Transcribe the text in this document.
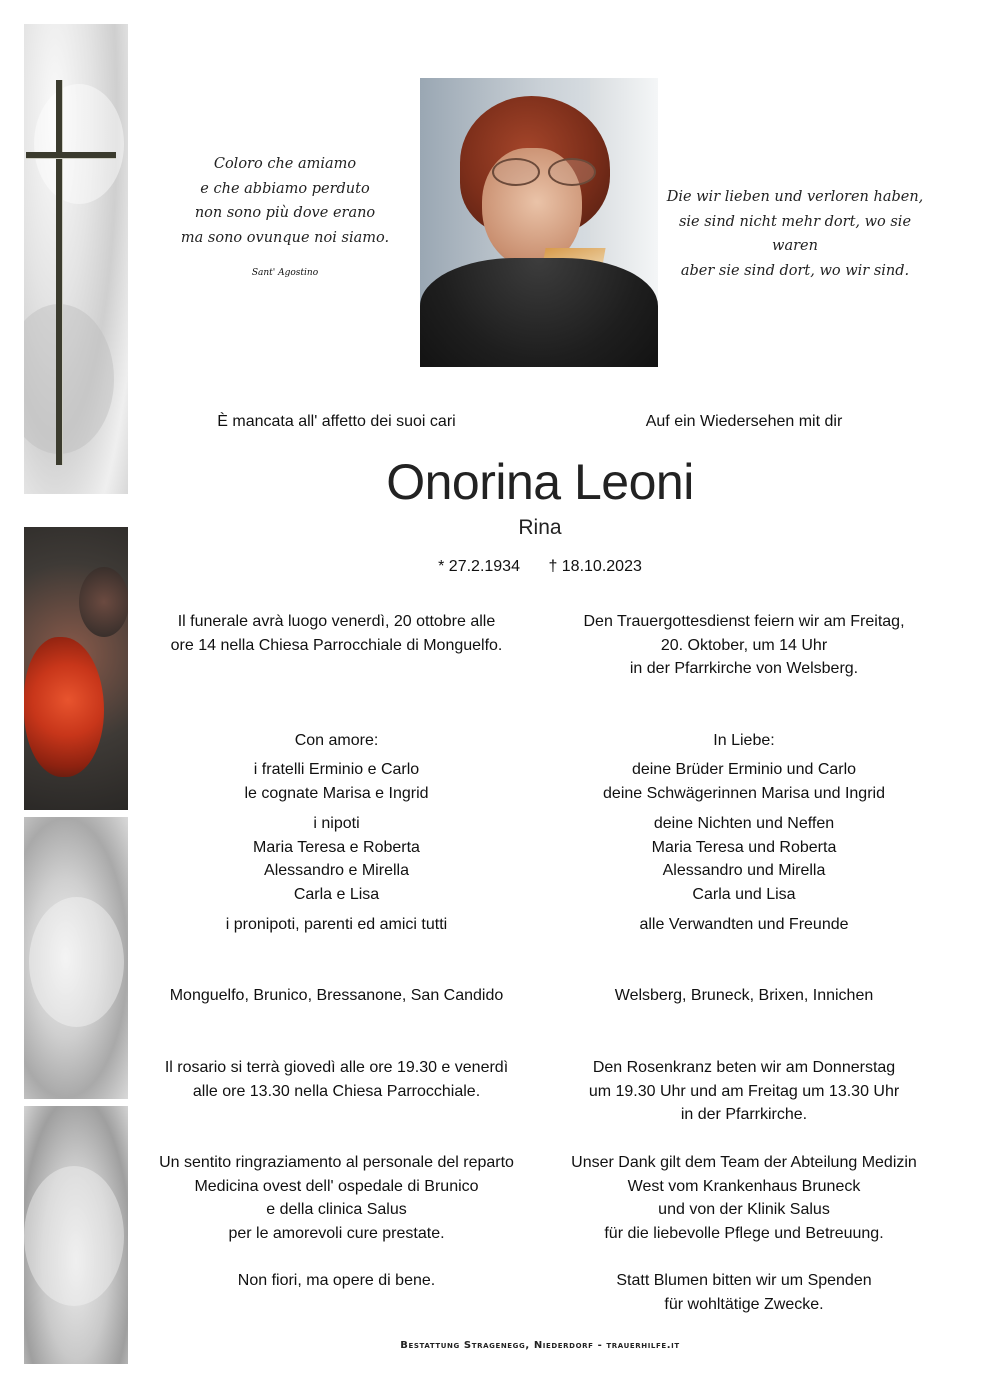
Coloro che amiamo
e che abbiamo perduto
non sono più dove erano
ma sono ovunque noi siamo.
Sant' Agostino
Die wir lieben und verloren haben,
sie sind nicht mehr dort, wo sie waren
aber sie sind dort, wo wir sind.
È mancata all' affetto dei suoi cari	Auf ein Wiedersehen mit dir
Onorina Leoni
Rina
* 27.2.1934 † 18.10.2023
Il funerale avrà luogo venerdì, 20 ottobre alle
ore 14 nella Chiesa Parrocchiale di Monguelfo.
Den Trauergottesdienst feiern wir am Freitag,
20. Oktober, um 14 Uhr
in der Pfarrkirche von Welsberg.
Con amore:	In Liebe:
i fratelli Erminio e Carlo
le cognate Marisa e Ingrid
deine Brüder Erminio und Carlo
deine Schwägerinnen Marisa und Ingrid
i nipoti
Maria Teresa e Roberta
Alessandro e Mirella
Carla e Lisa
deine Nichten und Neffen
Maria Teresa und Roberta
Alessandro und Mirella
Carla und Lisa
i pronipoti, parenti ed amici tutti	alle Verwandten und Freunde
Monguelfo, Brunico, Bressanone, San Candido	Welsberg, Bruneck, Brixen, Innichen
Il rosario si terrà giovedì alle ore 19.30 e venerdì
alle ore 13.30 nella Chiesa Parrocchiale.
Den Rosenkranz beten wir am Donnerstag
um 19.30 Uhr und am Freitag um 13.30 Uhr
in der Pfarrkirche.
Un sentito ringraziamento al personale del reparto
Medicina ovest dell' ospedale di Brunico
e della clinica Salus
per le amorevoli cure prestate.
Unser Dank gilt dem Team der Abteilung Medizin
West vom Krankenhaus Bruneck
und von der Klinik Salus
für die liebevolle Pflege und Betreuung.
Non fiori, ma opere di bene.	Statt Blumen bitten wir um Spenden
für wohltätige Zwecke.
Bestattung Stragenegg, Niederdorf - trauerhilfe.it
